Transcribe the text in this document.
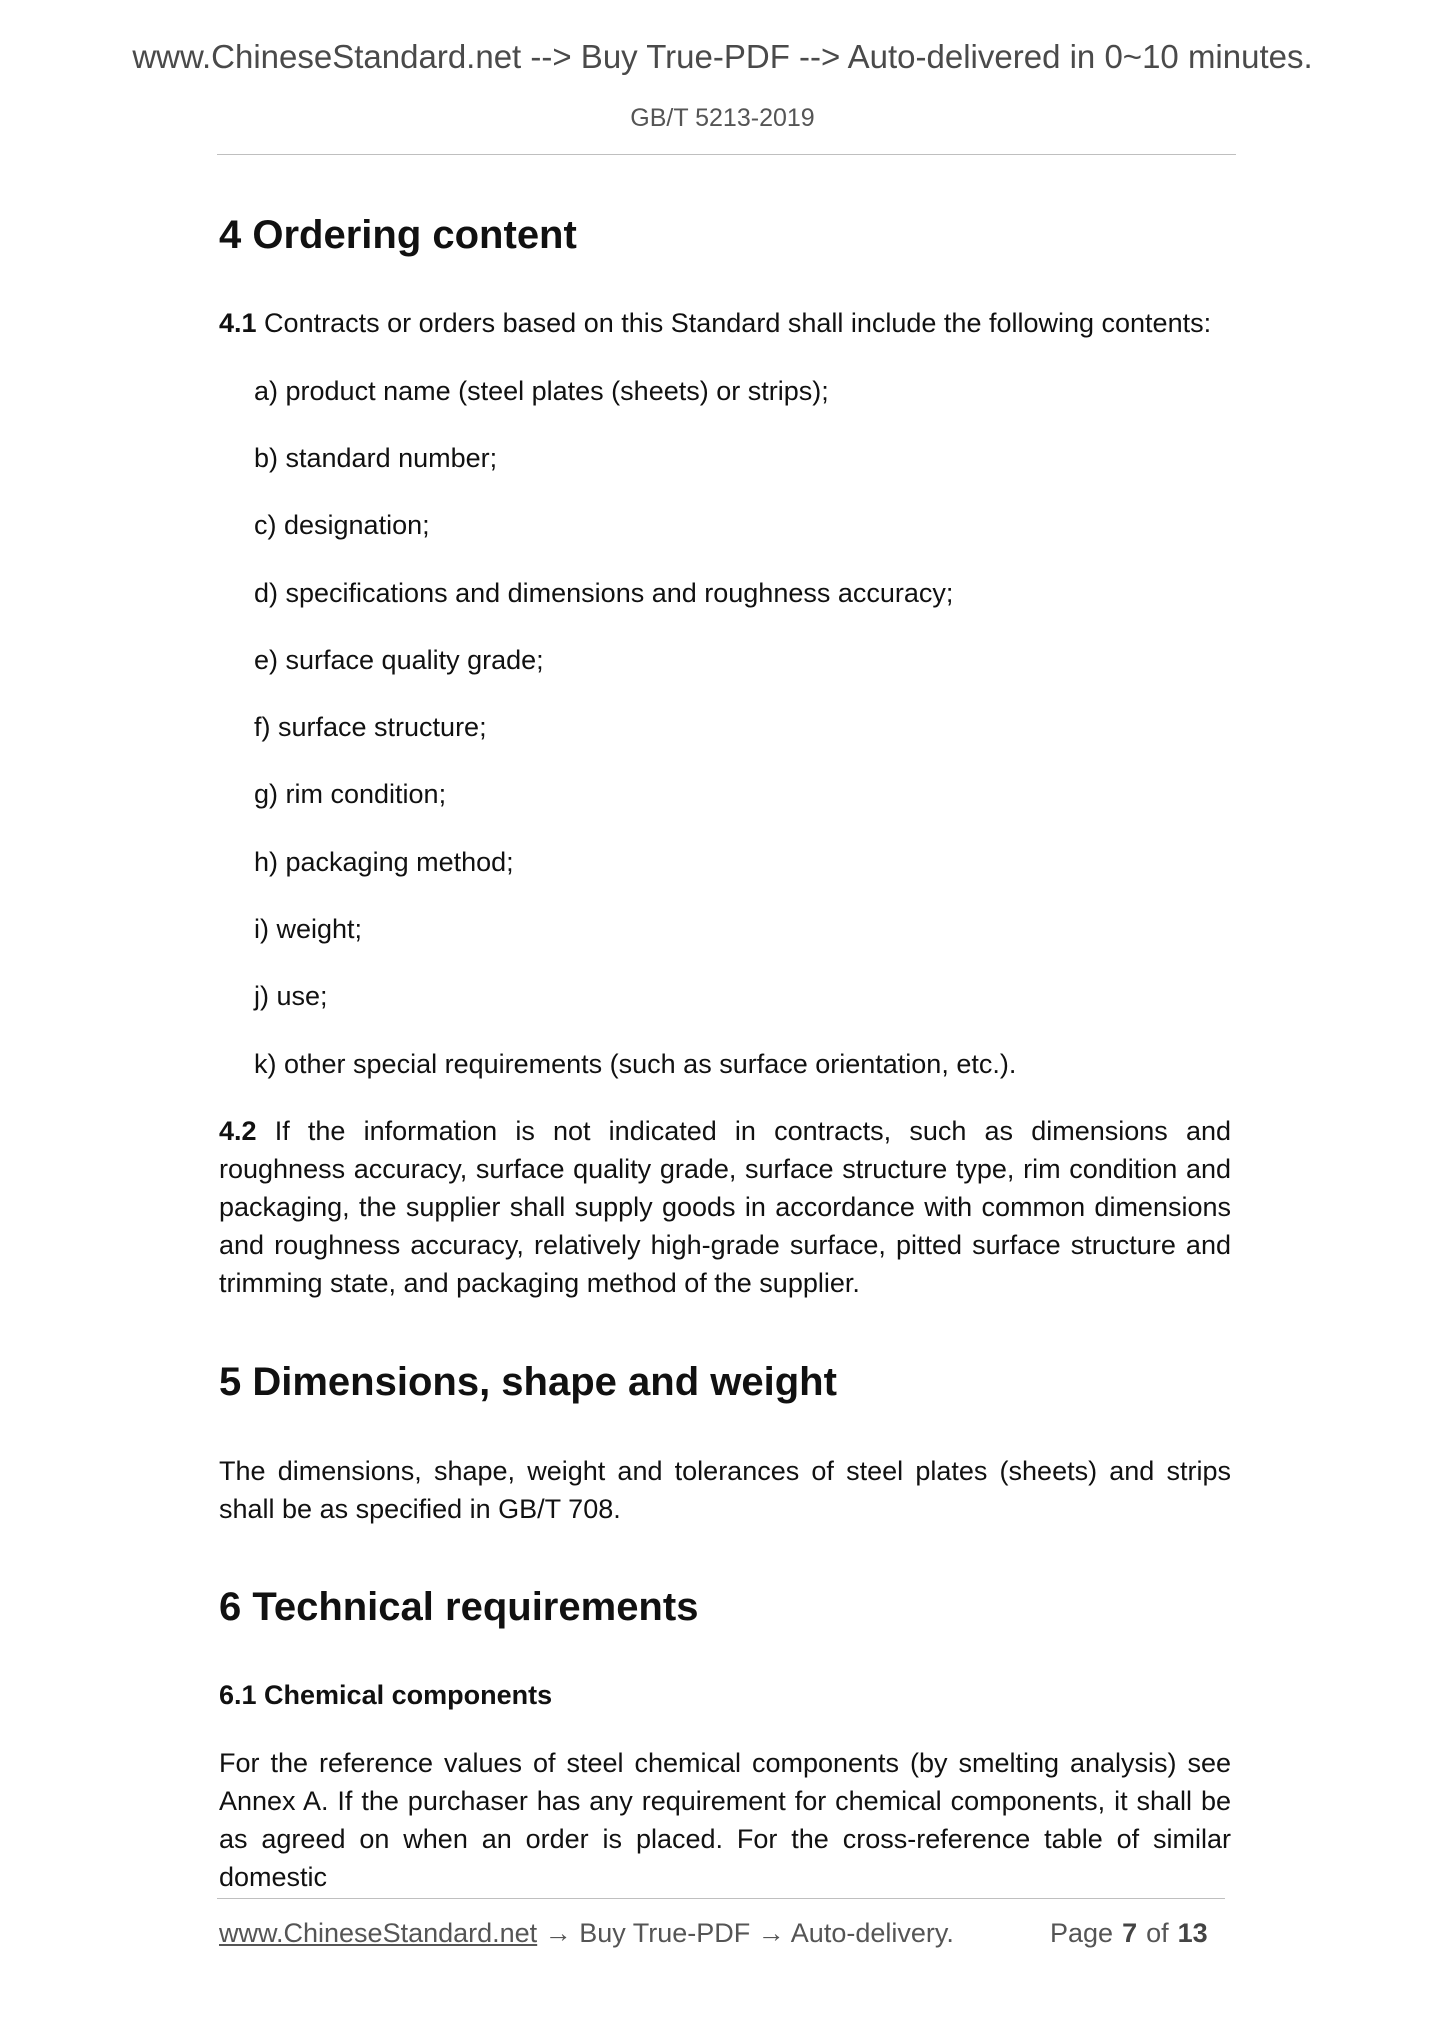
www.ChineseStandard.net --> Buy True-PDF --> Auto-delivered in 0~10 minutes.
GB/T 5213-2019
4 Ordering content
4.1 Contracts or orders based on this Standard shall include the following contents:
a) product name (steel plates (sheets) or strips);
b) standard number;
c) designation;
d) specifications and dimensions and roughness accuracy;
e) surface quality grade;
f) surface structure;
g) rim condition;
h) packaging method;
i) weight;
j) use;
k) other special requirements (such as surface orientation, etc.).

4.2 If the information is not indicated in contracts, such as dimensions and roughness accuracy, surface quality grade, surface structure type, rim condition and packaging, the supplier shall supply goods in accordance with common dimensions and roughness accuracy, relatively high-grade surface, pitted surface structure and trimming state, and packaging method of the supplier.

5 Dimensions, shape and weight

The dimensions, shape, weight and tolerances of steel plates (sheets) and strips shall be as specified in GB/T 708.

6 Technical requirements
6.1 Chemical components

For the reference values of steel chemical components (by smelting analysis) see Annex A. If the purchaser has any requirement for chemical components, it shall be as agreed on when an order is placed. For the cross-reference table of similar domestic

www.ChineseStandard.net → Buy True-PDF → Auto-delivery.	Page 7 of 13
